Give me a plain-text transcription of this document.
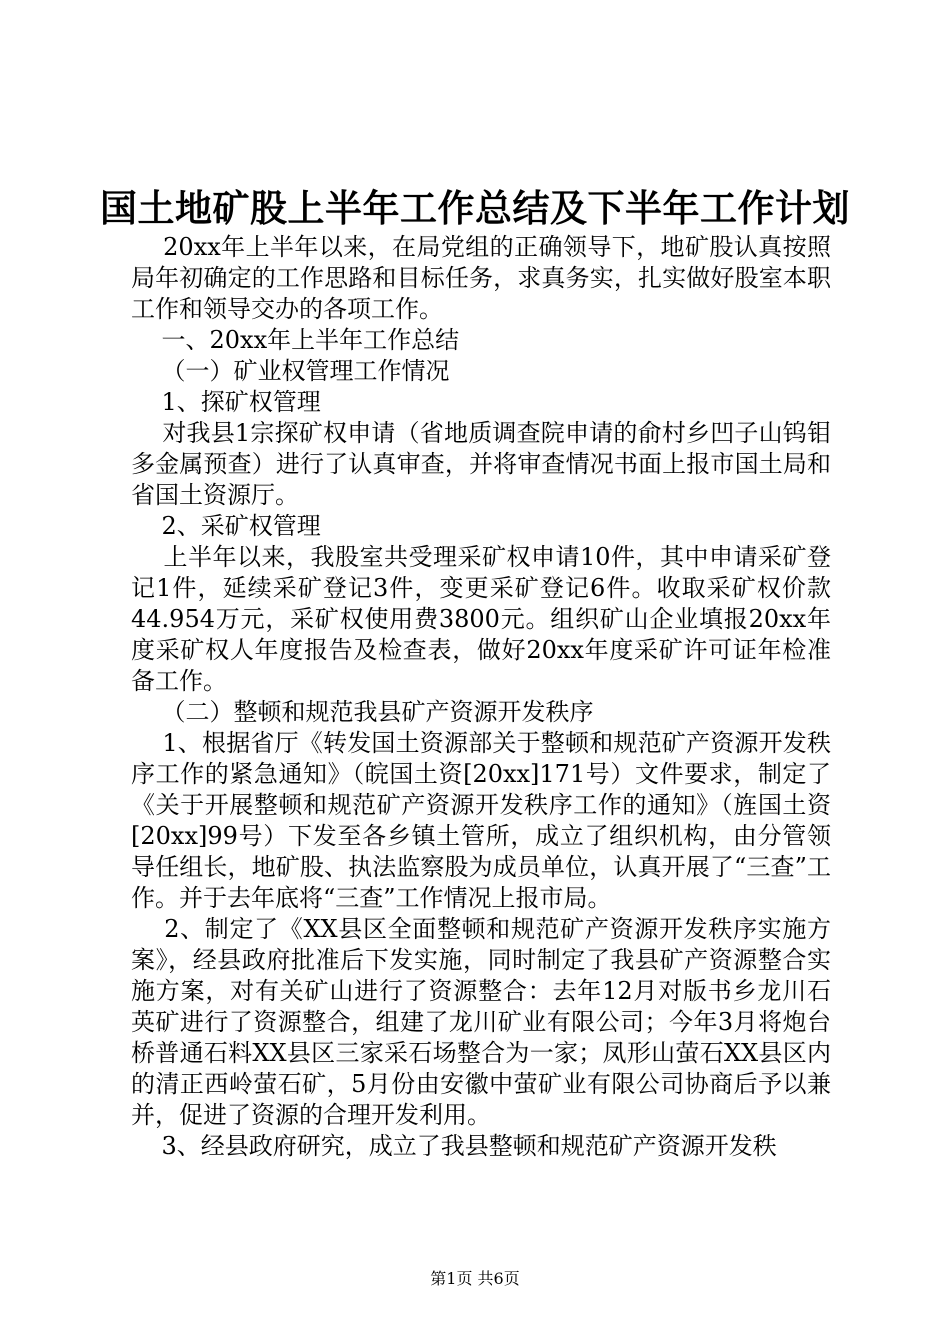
国土地矿股上半年工作总结及下半年工作计划

20xx年上半年以来，在局党组的正确领导下，地矿股认真按照局年初确定的工作思路和目标任务，求真务实，扎实做好股室本职工作和领导交办的各项工作。

一、20xx年上半年工作总结

（一）矿业权管理工作情况

1、探矿权管理

对我县1宗探矿权申请（省地质调查院申请的俞村乡凹子山钨钼多金属预查）进行了认真审查，并将审查情况书面上报市国土局和省国土资源厅。

2、采矿权管理

上半年以来，我股室共受理采矿权申请10件，其中申请采矿登记1件，延续采矿登记3件，变更采矿登记6件。收取采矿权价款44.954万元，采矿权使用费3800元。组织矿山企业填报20xx年度采矿权人年度报告及检查表，做好20xx年度采矿许可证年检准备工作。

（二）整顿和规范我县矿产资源开发秩序

1、根据省厅《转发国土资源部关于整顿和规范矿产资源开发秩序工作的紧急通知》（皖国土资[20xx]171号）文件要求，制定了《关于开展整顿和规范矿产资源开发秩序工作的通知》（旌国土资[20xx]99号）下发至各乡镇土管所，成立了组织机构，由分管领导任组长，地矿股、执法监察股为成员单位，认真开展了“三查”工作。并于去年底将“三查”工作情况上报市局。

2、制定了《XX县区全面整顿和规范矿产资源开发秩序实施方案》，经县政府批准后下发实施，同时制定了我县矿产资源整合实施方案，对有关矿山进行了资源整合：去年12月对版书乡龙川石英矿进行了资源整合，组建了龙川矿业有限公司；今年3月将炮台桥普通石料XX县区三家采石场整合为一家；凤形山萤石XX县区内的清正西岭萤石矿，5月份由安徽中萤矿业有限公司协商后予以兼并，促进了资源的合理开发利用。

3、经县政府研究，成立了我县整顿和规范矿产资源开发秩

第1页 共6页
